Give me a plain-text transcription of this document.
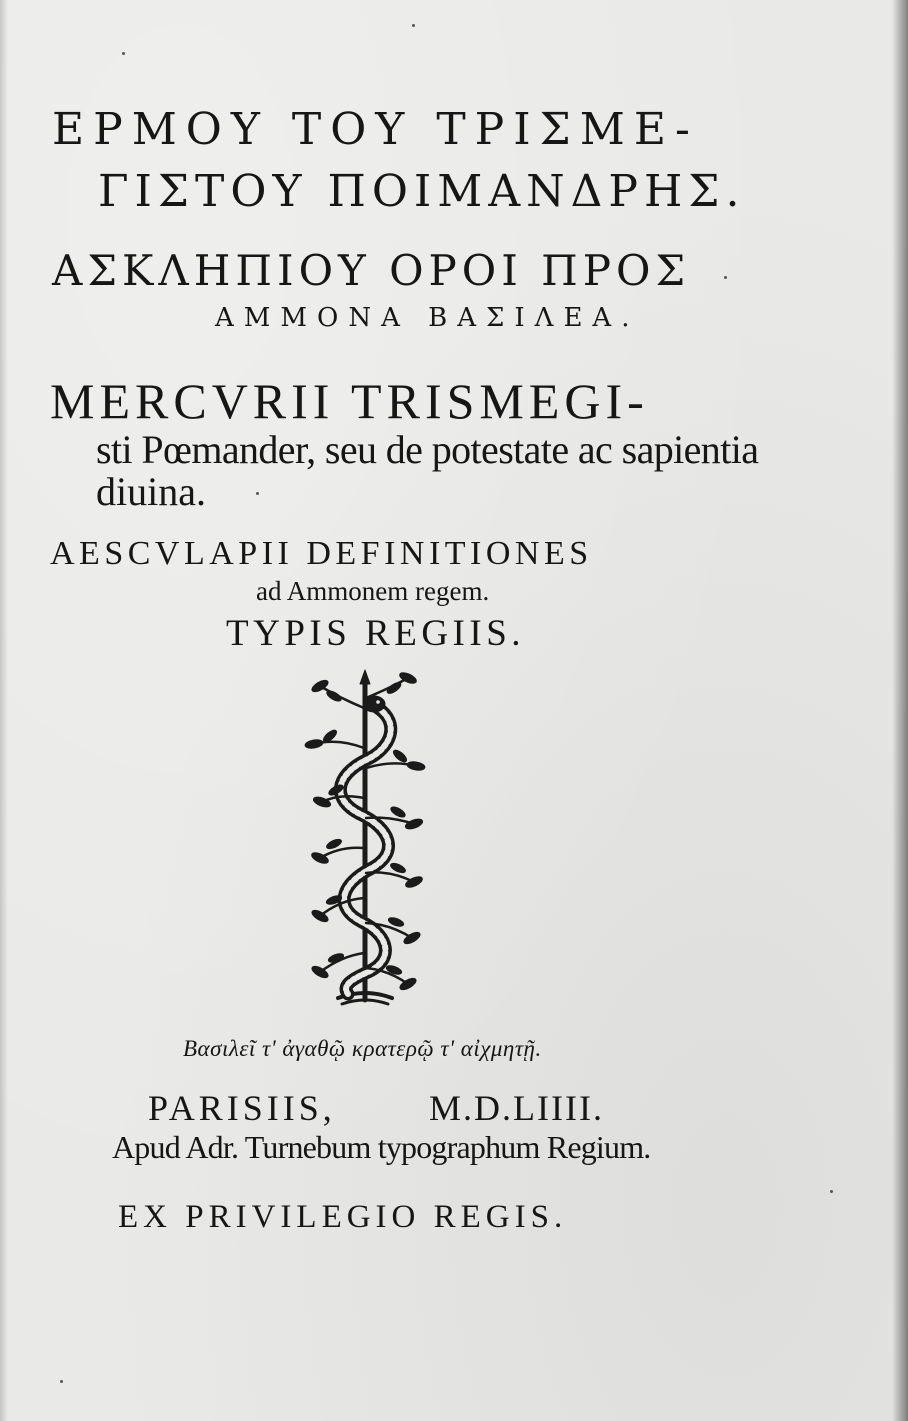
ΕΡΜΟΥ ΤΟΥ ΤΡΙΣΜΕ-
ΓΙΣΤΟΥ ΠΟΙΜΑΝΔΡΗΣ.
ΑΣΚΛΗΠΙΟΥ ΟΡΟΙ ΠΡΟΣ
ΑΜΜΟΝΑ ΒΑΣΙΛΕΑ.
MERCVRII TRISMEGI-
sti Pœmander, seu de potestate ac sapientia
diuina.
AESCVLAPII DEFINITIONES
ad Ammonem regem.
TYPIS REGIIS.
Βασιλεῖ τ' ἀγαθῷ κρατερῷ τ' αἰχμητῇ.
PARISIIS,	M.D.LIIII.
Apud Adr. Turnebum typographum Regium.
EX PRIVILEGIO REGIS.
